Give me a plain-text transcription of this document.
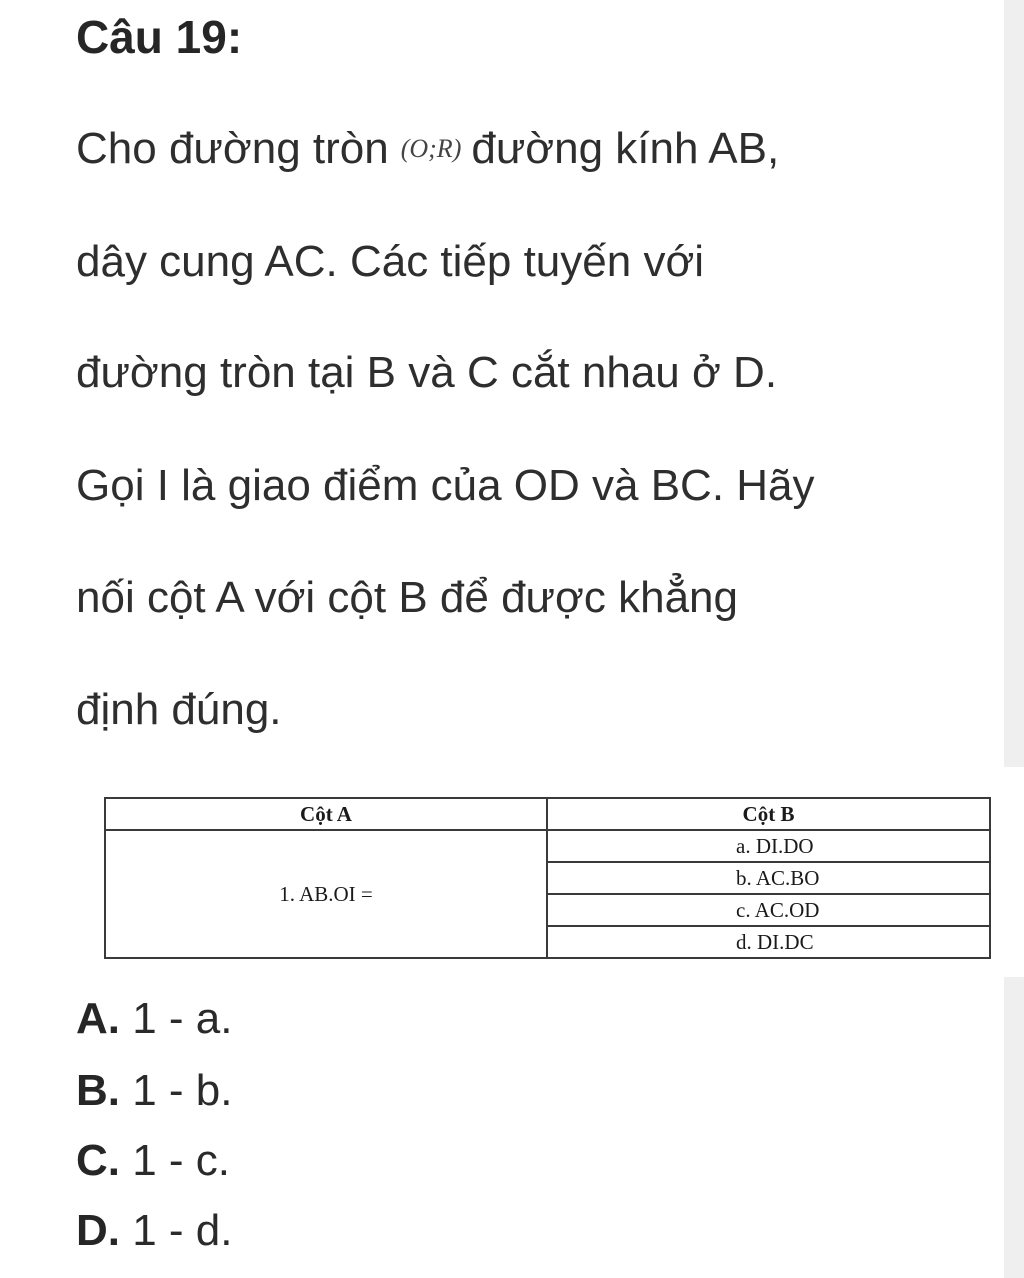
Câu 19:
Cho đường tròn (O;R) đường kính AB,
dây cung AC. Các tiếp tuyến với
đường tròn tại B và C cắt nhau ở D.
Gọi I là giao điểm của OD và BC. Hãy
nối cột A với cột B để được khẳng
định đúng.
Cột A	Cột B
1. AB.OI =	a. DI.DO
	b. AC.BO
	c. AC.OD
	d. DI.DC
A. 1 - a.
B. 1 - b.
C. 1 - c.
D. 1 - d.
